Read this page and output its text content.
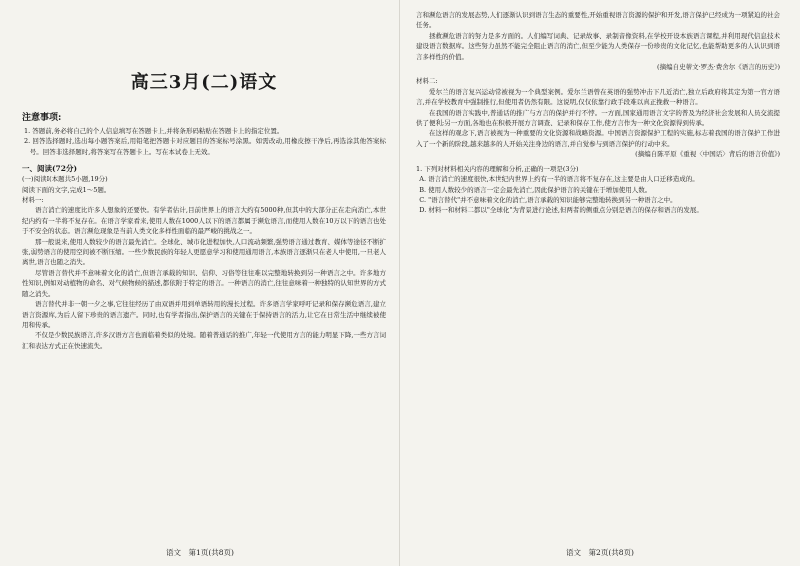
高三3月(二)语文
注意事项:

1. 答题前,务必将自己的个人信息填写在答题卡上,并将条形码粘贴在答题卡上的指定位置。

2. 回答选择题时,选出每小题答案后,用铅笔把答题卡对应题目的答案标号涂黑。如需改动,用橡皮擦干净后,再选涂其他答案标号。回答非选择题时,将答案写在答题卡上。写在本试卷上无效。

一、阅读(72分)

(一)阅读Ⅰ(本题共5小题,19分)

阅读下面的文字,完成1～5题。

材料一:

语言消亡的速度比许多人想象的还要快。有学者估计,目前世界上的语言大约有5000种,但其中的大部分正在走向消亡,本世纪内约有一半将不复存在。在语言学家看来,使用人数在1000人以下的语言都属于濒危语言,而使用人数在10万以下的语言也处于不安全的状态。语言濒危现象是当前人类文化多样性面临的最严峻的挑战之一。

那一般说来,使用人数较少的语言最先消亡。全球化、城市化进程加快,人口流动频繁,强势语言通过教育、媒体等途径不断扩张,弱势语言的使用空间被不断压缩。一些少数民族的年轻人更愿意学习和使用通用语言,本族语言逐渐只在老人中使用,一旦老人离世,语言也随之消失。

尽管语言替代并不意味着文化的消亡,但语言承载的知识、信仰、习俗等往往难以完整地转换到另一种语言之中。许多地方性知识,例如对动植物的命名、对气候物候的描述,都依附于特定的语言。一种语言的消亡,往往意味着一种独特的认知世界的方式随之消失。

语言替代并非一朝一夕之事,它往往经历了由双语并用到单语转用的漫长过程。许多语言学家呼吁记录和保存濒危语言,建立语言资源库,为后人留下珍贵的语言遗产。同时,也有学者指出,保护语言的关键在于保持语言的活力,让它在日常生活中继续被使用和传承。

不仅是少数民族语言,许多汉语方言也面临着类似的处境。随着普通话的推广,年轻一代使用方言的能力明显下降,一些方言词汇和表达方式正在快速流失。

语文　第1页(共8页)

言和濒危语言的发展态势,人们逐渐认识到语言生态的重要性,开始重视语言资源的保护和开发,语言保护已经成为一项紧迫的社会任务。

拯救濒危语言的努力是多方面的。人们编写词典、记录故事、录制音像资料,在学校开设本族语言课程,并利用现代信息技术建设语言数据库。这些努力虽然不能完全阻止语言的消亡,但至少能为人类保存一份珍贵的文化记忆,也能帮助更多的人认识到语言多样性的价值。

(摘编自史蒂文·罗杰·费舍尔《语言的历史》)

材料二:

爱尔兰的语言复兴运动常被视为一个典型案例。爱尔兰语曾在英语的强势冲击下几近消亡,独立后政府将其定为第一官方语言,并在学校教育中强制推行,但使用者仍然有限。这说明,仅仅依靠行政手段难以真正挽救一种语言。

在我国的语言实践中,普通话的推广与方言的保护并行不悖。一方面,国家通用语言文字的普及为经济社会发展和人员交流提供了便利;另一方面,各地也在积极开展方言调查、记录和保存工作,使方言作为一种文化资源得到传承。

在这样的观念下,语言被视为一种重要的文化资源和战略资源。中国语言资源保护工程的实施,标志着我国的语言保护工作进入了一个新的阶段,越来越多的人开始关注身边的语言,并自觉参与到语言保护的行动中来。

(摘编自陈平原《重视〈中国话〉背后的语言价值》)

1. 下列对材料相关内容的理解和分析,正确的一项是(3分)

A. 语言消亡的速度很快,本世纪内世界上约有一半的语言将不复存在,这主要是由人口迁移造成的。

B. 使用人数较少的语言一定会最先消亡,因此保护语言的关键在于增加使用人数。

C. "语言替代"并不意味着文化的消亡,语言承载的知识能够完整地转换到另一种语言之中。

D. 材料一和材料二都以"全球化"为背景进行论述,但两者的侧重点分别是语言的保存和语言的发展。

语文　第2页(共8页)
